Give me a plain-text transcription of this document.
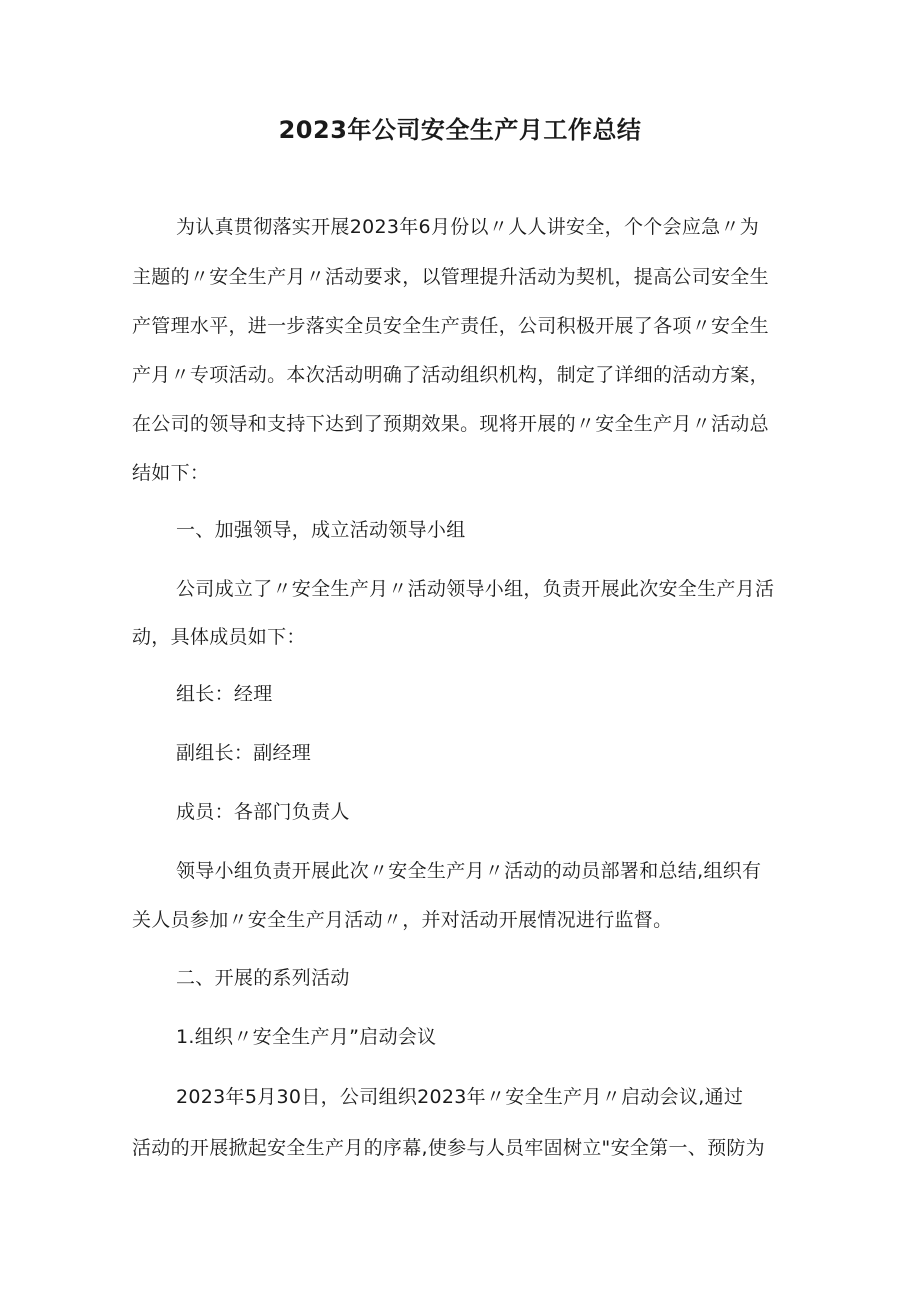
2023年公司安全生产月工作总结
为认真贯彻落实开展2023年6月份以〃人人讲安全，个个会应急〃为
主题的〃安全生产月〃活动要求，以管理提升活动为契机，提高公司安全生
产管理水平，进一步落实全员安全生产责任，公司积极开展了各项〃安全生
产月〃专项活动。本次活动明确了活动组织机构，制定了详细的活动方案，
在公司的领导和支持下达到了预期效果。现将开展的〃安全生产月〃活动总
结如下：
一、加强领导，成立活动领导小组
公司成立了〃安全生产月〃活动领导小组，负责开展此次安全生产月活
动，具体成员如下：
组长：经理
副组长：副经理
成员：各部门负责人
领导小组负责开展此次〃安全生产月〃活动的动员部署和总结,组织有
关人员参加〃安全生产月活动〃，并对活动开展情况进行监督。
二、开展的系列活动
1.组织〃安全生产月”启动会议
2023年5月30日，公司组织2023年〃安全生产月〃启动会议,通过
活动的开展掀起安全生产月的序幕,使参与人员牢固树立"安全第一、预防为
